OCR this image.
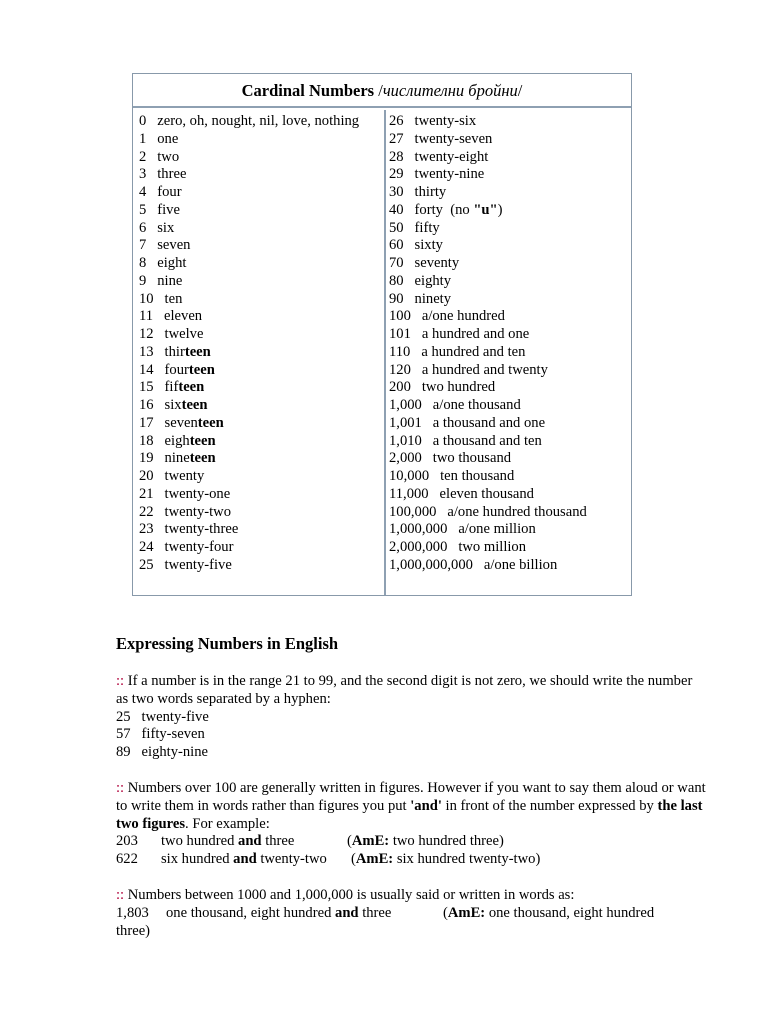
Cardinal Numbers /числителни бройни/
0 zero, oh, nought, nil, love, nothing
1 one
2 two
3 three
4 four
5 five
6 six
7 seven
8 eight
9 nine
10 ten
11 eleven
12 twelve
13 thirteen
14 fourteen
15 fifteen
16 sixteen
17 seventeen
18 eighteen
19 nineteen
20 twenty
21 twenty-one
22 twenty-two
23 twenty-three
24 twenty-four
25 twenty-five
26 twenty-six
27 twenty-seven
28 twenty-eight
29 twenty-nine
30 thirty
40 forty  (no "u")
50 fifty
60 sixty
70 seventy
80 eighty
90 ninety
100 a/one hundred
101 a hundred and one
110 a hundred and ten
120 a hundred and twenty
200 two hundred
1,000 a/one thousand
1,001 a thousand and one
1,010 a thousand and ten
2,000 two thousand
10,000 ten thousand
11,000 eleven thousand
100,000 a/one hundred thousand
1,000,000 a/one million
2,000,000 two million
1,000,000,000 a/one billion
Expressing Numbers in English
:: If a number is in the range 21 to 99, and the second digit is not zero, we should write the number as two words separated by a hyphen:
25 twenty-five
57 fifty-seven
89 eighty-nine
:: Numbers over 100 are generally written in figures. However if you want to say them aloud or want to write them in words rather than figures you put 'and' in front of the number expressed by the last two figures. For example:
203 two hundred and three	(AmE: two hundred three)
622 six hundred and twenty-two (AmE: six hundred twenty-two)
:: Numbers between 1000 and 1,000,000 is usually said or written in words as:
1,803 one thousand, eight hundred and three	(AmE: one thousand, eight hundred
three)
